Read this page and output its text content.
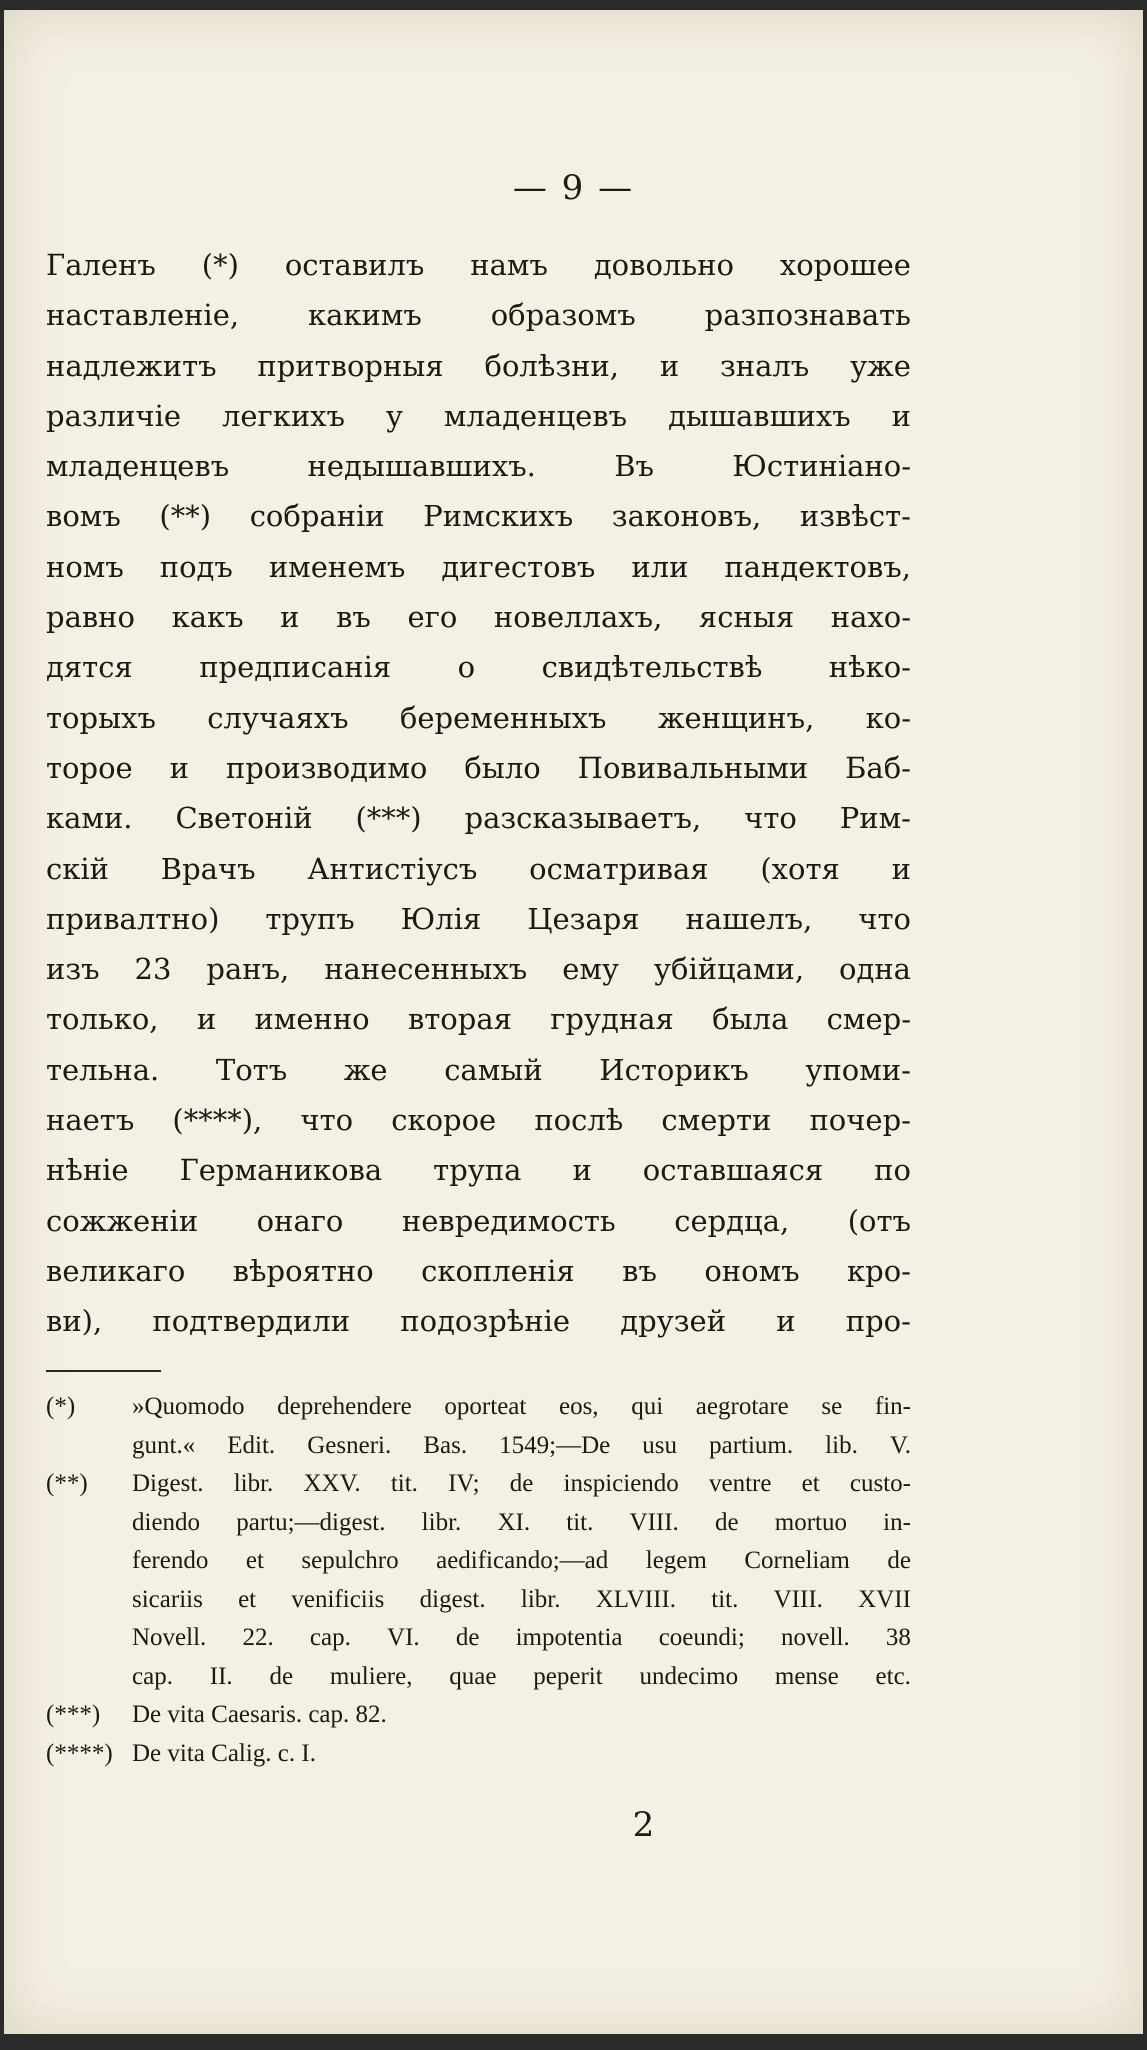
— 9 —
Галенъ (*) оставилъ намъ довольно хорошее
наставленіе, какимъ образомъ разпознавать
надлежитъ притворныя болѣзни, и зналъ уже
различіе легкихъ у младенцевъ дышавшихъ и
младенцевъ	недышавшихъ.	Въ	Юстиніано-
вомъ (**) собраніи Римскихъ законовъ, извѣст-
номъ подъ именемъ дигестовъ или пандектовъ,
равно какъ и въ его новеллахъ, ясныя нахо-
дятся предписанія о свидѣтельствѣ нѣко-
торыхъ случаяхъ беременныхъ женщинъ, ко-
торое и производимо было Повивальными Баб-
ками. Светоній (***) разсказываетъ, что Рим-
скій Врачъ Антистіусъ осматривая (хотя и
привалтно) трупъ Юлія Цезаря нашелъ, что
изъ 23 ранъ, нанесенныхъ ему убійцами, одна
только, и именно вторая грудная была смер-
тельна. Тотъ же самый Историкъ упоми-
наетъ (****), что скорое послѣ смерти почер-
нѣніе Германикова трупа и оставшаяся по
сожженіи онаго невредимость сердца, (отъ
великаго вѣроятно скопленія въ ономъ кро-
ви), подтвердили подозрѣніе друзей и про-
(*)	»Quomodo deprehendere oporteat eos, qui aegrotare se fin-
gunt.« Edit. Gesneri. Bas. 1549;—De usu partium. lib. V.
(**)	Digest. libr. XXV. tit. IV; de inspiciendo ventre et custo-
diendo partu;—digest. libr. XI. tit. VIII. de mortuo in-
ferendo et sepulchro aedificando;—ad legem Corneliam de
sicariis et venificiis digest. libr. XLVIII. tit. VIII. XVII
Novell. 22. cap. VI. de impotentia coeundi; novell. 38
cap. II. de muliere, quae peperit undecimo mense etc.
(***)	De vita Caesaris. cap. 82.
(****) De vita Calig. c. I.
2
